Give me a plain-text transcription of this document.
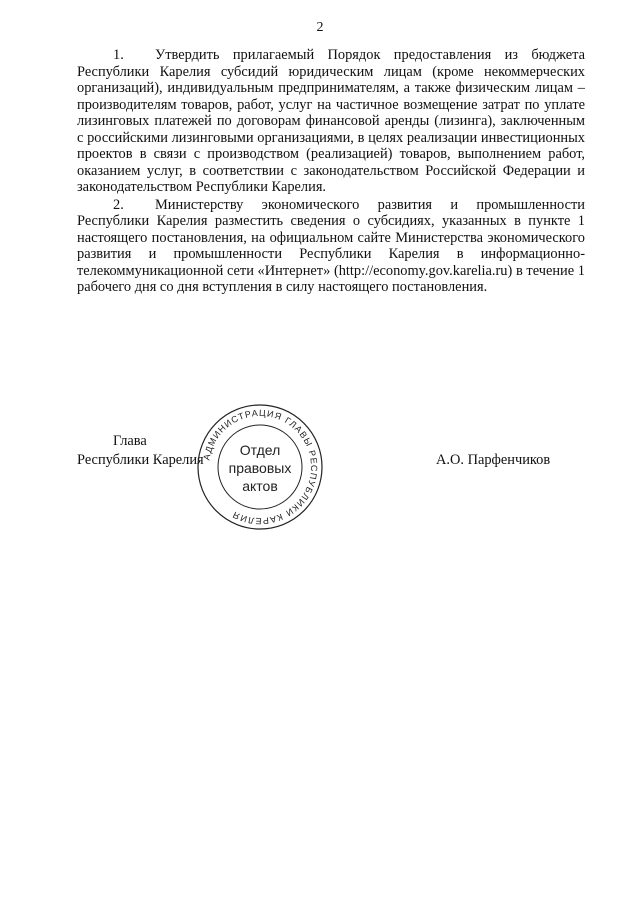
2

1. Утвердить прилагаемый Порядок предоставления из бюджета Республики Карелия субсидий юридическим лицам (кроме некоммерческих организаций), индивидуальным предпринимателям, а также физическим лицам – производителям товаров, работ, услуг на частичное возмещение затрат по уплате лизинговых платежей по договорам финансовой аренды (лизинга), заключенным с российскими лизинговыми организациями, в целях реализации инвестиционных проектов в связи с производством (реализацией) товаров, выполнением работ, оказанием услуг, в соответствии с законодательством Российской Федерации и законодательством Республики Карелия.

2. Министерству экономического развития и промышленности Республики Карелия разместить сведения о субсидиях, указанных в пункте 1 настоящего постановления, на официальном сайте Министерства экономического развития и промышленности Республики Карелия в информационно-телекоммуникационной сети «Интернет» (http://economy.gov.karelia.ru) в течение 1 рабочего дня со дня вступления в силу настоящего постановления.

Глава
Республики Карелия	А.О. Парфенчиков
АДМИНИСТРАЦИЯ ГЛАВЫ РЕСПУБЛИКИ КАРЕЛИЯ
Отдел
правовых
актов
